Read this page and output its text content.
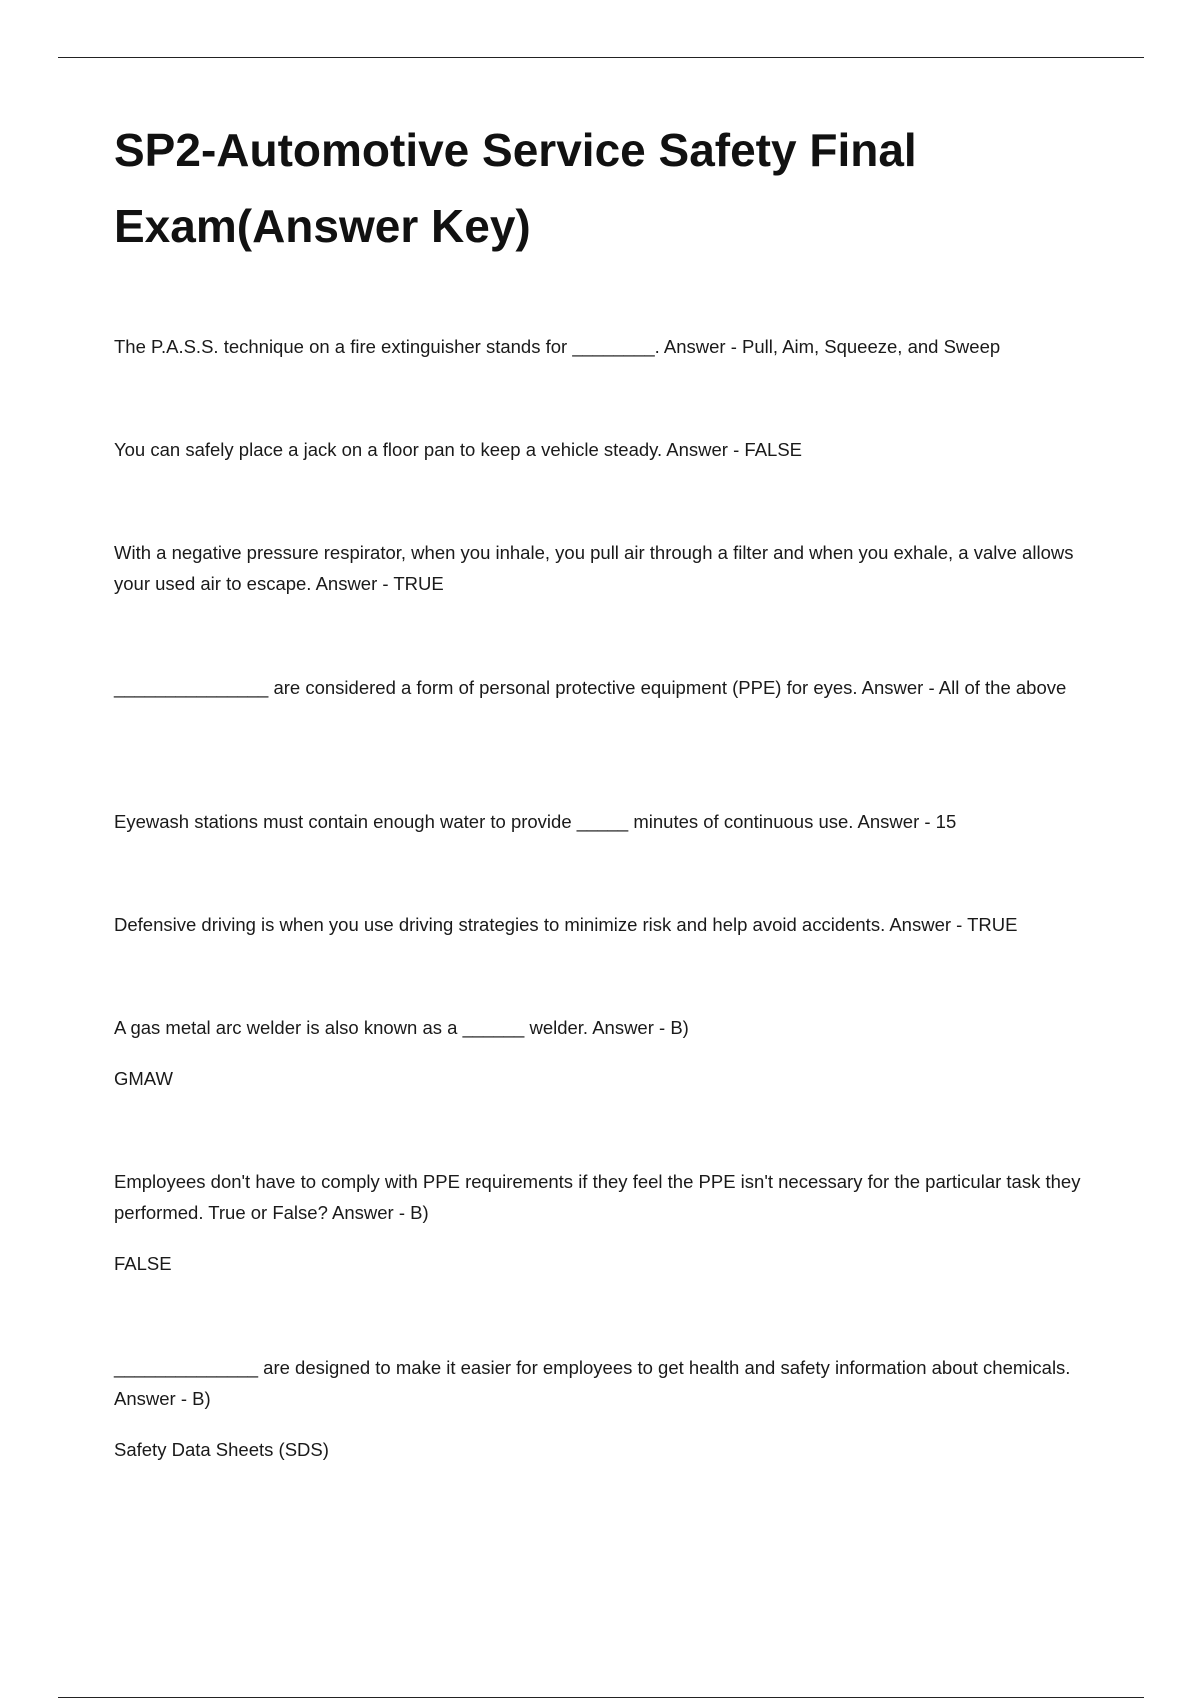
SP2-Automotive Service Safety Final Exam(Answer Key)

The P.A.S.S. technique on a fire extinguisher stands for ________. Answer - Pull, Aim, Squeeze, and Sweep

You can safely place a jack on a floor pan to keep a vehicle steady. Answer - FALSE

With a negative pressure respirator, when you inhale, you pull air through a filter and when you exhale, a valve allows your used air to escape. Answer - TRUE

_______________ are considered a form of personal protective equipment (PPE) for eyes. Answer - All of the above

Eyewash stations must contain enough water to provide _____ minutes of continuous use. Answer - 15

Defensive driving is when you use driving strategies to minimize risk and help avoid accidents. Answer - TRUE

A gas metal arc welder is also known as a ______ welder. Answer - B)

GMAW

Employees don't have to comply with PPE requirements if they feel the PPE isn't necessary for the particular task they performed. True or False? Answer - B)

FALSE

______________ are designed to make it easier for employees to get health and safety information about chemicals. Answer - B)

Safety Data Sheets (SDS)
